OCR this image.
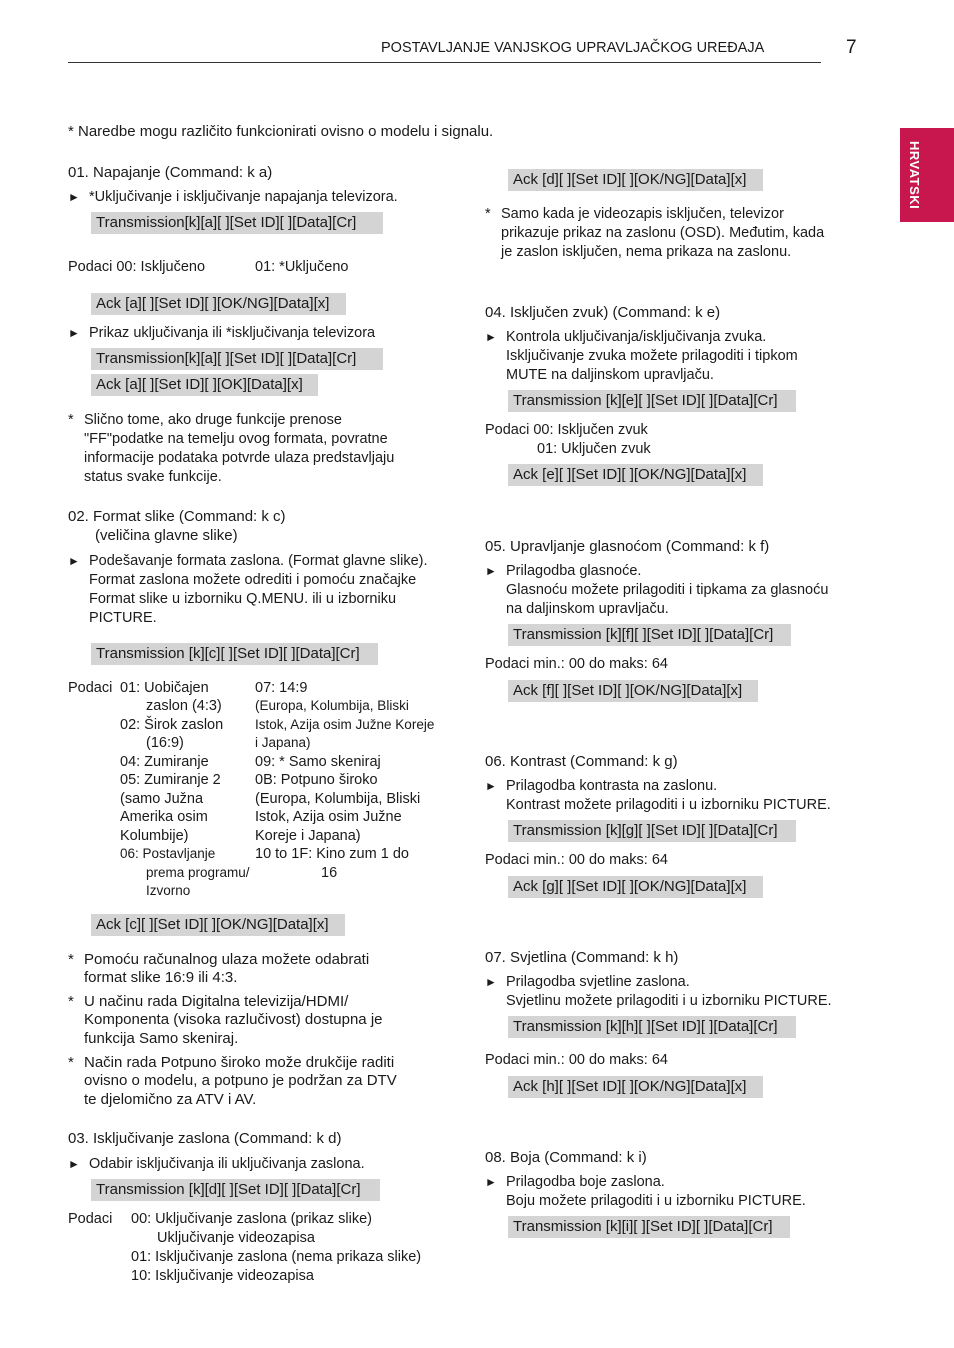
POSTAVLJANJE VANJSKOG UPRAVLJAČKOG UREĐAJA	7
HRVATSKI
* Naredbe mogu različito funkcionirati ovisno o modelu i signalu.
01. Napajanje (Command: k a)
► *Uključivanje i isključivanje napajanja televizora.
Transmission[k][a][ ][Set ID][ ][Data][Cr]
Podaci 00: Isključeno	01: *Uključeno
Ack [a][ ][Set ID][ ][OK/NG][Data][x]
► Prikaz uključivanja ili *isključivanja televizora
Transmission[k][a][ ][Set ID][ ][Data][Cr]
Ack [a][ ][Set ID][ ][OK][Data][x]
* Slično tome, ako druge funkcije prenose
"FF"podatke na temelju ovog formata, povratne
informacije podataka potvrde ulaza predstavljaju
status svake funkcije.
02. Format slike (Command: k c)
(veličina glavne slike)
► Podešavanje formata zaslona. (Format glavne slike).
Format zaslona možete odrediti i pomoću značajke
Format slike u izborniku Q.MENU. ili u izborniku
PICTURE.
Transmission [k][c][ ][Set ID][ ][Data][Cr]
Podaci 01: Uobičajen
zaslon (4:3)
02: Širok zaslon
(16:9)
04: Zumiranje
05: Zumiranje 2
(samo Južna
Amerika osim
Kolumbije)
06: Postavljanje
prema programu/
Izvorno
07: 14:9
(Europa, Kolumbija, Bliski
Istok, Azija osim Južne Koreje
i Japana)
09: * Samo skeniraj
0B: Potpuno široko
(Europa, Kolumbija, Bliski
Istok, Azija osim Južne
Koreje i Japana)
10 to 1F: Kino zum 1 do
16
Ack [c][ ][Set ID][ ][OK/NG][Data][x]
* Pomoću računalnog ulaza možete odabrati
format slike 16:9 ili 4:3.
* U načinu rada Digitalna televizija/HDMI/
Komponenta (visoka razlučivost) dostupna je
funkcija Samo skeniraj.
* Način rada Potpuno široko može drukčije raditi
ovisno o modelu, a potpuno je podržan za DTV
te djelomično za ATV i AV.
03. Isključivanje zaslona (Command: k d)
► Odabir isključivanja ili uključivanja zaslona.
Transmission [k][d][ ][Set ID][ ][Data][Cr]
Podaci 00: Uključivanje zaslona (prikaz slike)
Uključivanje videozapisa
01: Isključivanje zaslona (nema prikaza slike)
10: Isključivanje videozapisa
Ack [d][ ][Set ID][ ][OK/NG][Data][x]
* Samo kada je videozapis isključen, televizor
prikazuje prikaz na zaslonu (OSD). Međutim, kada
je zaslon isključen, nema prikaza na zaslonu.
04. Isključen zvuk) (Command: k e)
► Kontrola uključivanja/isključivanja zvuka.
Isključivanje zvuka možete prilagoditi i tipkom
MUTE na daljinskom upravljaču.
Transmission [k][e][ ][Set ID][ ][Data][Cr]
Podaci 00: Isključen zvuk
01: Uključen zvuk
Ack [e][ ][Set ID][ ][OK/NG][Data][x]
05. Upravljanje glasnoćom (Command: k f)
► Prilagodba glasnoće.
Glasnoću možete prilagoditi i tipkama za glasnoću
na daljinskom upravljaču.
Transmission [k][f][ ][Set ID][ ][Data][Cr]
Podaci min.: 00 do maks: 64
Ack [f][ ][Set ID][ ][OK/NG][Data][x]
06. Kontrast (Command: k g)
► Prilagodba kontrasta na zaslonu.
Kontrast možete prilagoditi i u izborniku PICTURE.
Transmission [k][g][ ][Set ID][ ][Data][Cr]
Podaci min.: 00 do maks: 64
Ack [g][ ][Set ID][ ][OK/NG][Data][x]
07. Svjetlina (Command: k h)
► Prilagodba svjetline zaslona.
Svjetlinu možete prilagoditi i u izborniku PICTURE.
Transmission [k][h][ ][Set ID][ ][Data][Cr]
Podaci min.: 00 do maks: 64
Ack [h][ ][Set ID][ ][OK/NG][Data][x]
08. Boja (Command: k i)
► Prilagodba boje zaslona.
Boju možete prilagoditi i u izborniku PICTURE.
Transmission [k][i][ ][Set ID][ ][Data][Cr]
